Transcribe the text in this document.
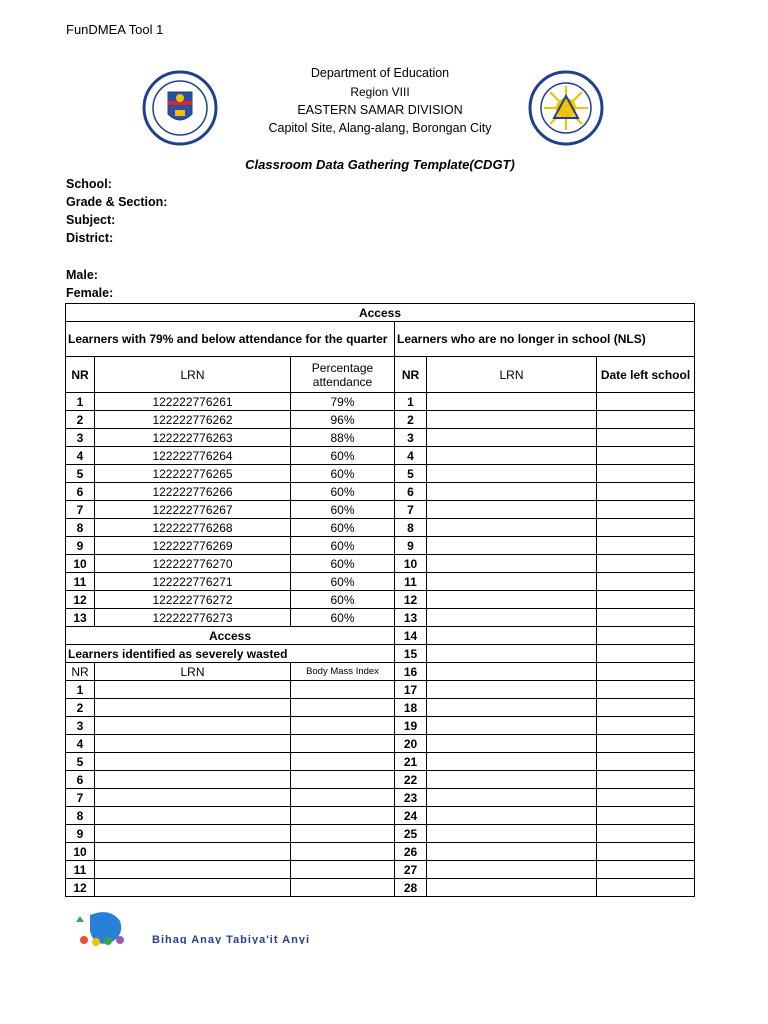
FunDMEA Tool 1
Department of Education
Region VIII
EASTERN SAMAR DIVISION
Capitol Site, Alang-alang, Borongan City
Classroom Data Gathering Template(CDGT)
School:
Grade & Section:
Subject:
District:
Male:
Female:
Access					
Learners with 79% and below attendance for the quarter			Learners who are no longer in school (NLS)		
NR	LRN	Percentage attendance	NR	LRN	Date left school
1	122222776261	79%	1		
2	122222776262	96%	2		
3	122222776263	88%	3		
4	122222776264	60%	4		
5	122222776265	60%	5		
6	122222776266	60%	6		
7	122222776267	60%	7		
8	122222776268	60%	8		
9	122222776269	60%	9		
10	122222776270	60%	10		
11	122222776271	60%	11		
12	122222776272	60%	12		
13	122222776273	60%	13		
Access			14		
Learners identified as severely wasted			15		
NR	LRN	Body Mass Index	16		
1			17		
2			18		
3			19		
4			20		
5			21		
6			22		
7			23		
8			24		
9			25		
10			26		
11			27		
12			28		
Bihag Anay Tabiya'it Anyi
